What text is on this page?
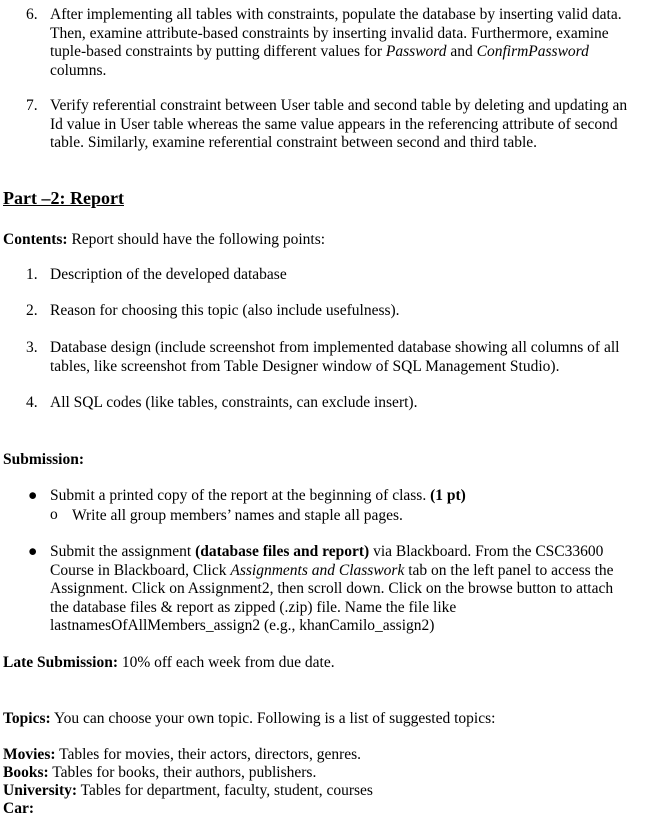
6. After implementing all tables with constraints, populate the database by inserting valid data. Then, examine attribute-based constraints by inserting invalid data. Furthermore, examine tuple-based constraints by putting different values for Password and ConfirmPassword columns.
7. Verify referential constraint between User table and second table by deleting and updating an Id value in User table whereas the same value appears in the referencing attribute of second table. Similarly, examine referential constraint between second and third table.
Part –2: Report
Contents: Report should have the following points:
1. Description of the developed database
2. Reason for choosing this topic (also include usefulness).
3. Database design (include screenshot from implemented database showing all columns of all tables, like screenshot from Table Designer window of SQL Management Studio).
4. All SQL codes (like tables, constraints, can exclude insert).
Submission:
● Submit a printed copy of the report at the beginning of class. (1 pt)
o Write all group members’ names and staple all pages.
● Submit the assignment (database files and report) via Blackboard. From the CSC33600 Course in Blackboard, Click Assignments and Classwork tab on the left panel to access the Assignment. Click on Assignment2, then scroll down. Click on the browse button to attach the database files & report as zipped (.zip) file. Name the file like lastnamesOfAllMembers_assign2 (e.g., khanCamilo_assign2)
Late Submission: 10% off each week from due date.
Topics: You can choose your own topic. Following is a list of suggested topics:
Movies: Tables for movies, their actors, directors, genres.
Books: Tables for books, their authors, publishers.
University: Tables for department, faculty, student, courses
Car:
